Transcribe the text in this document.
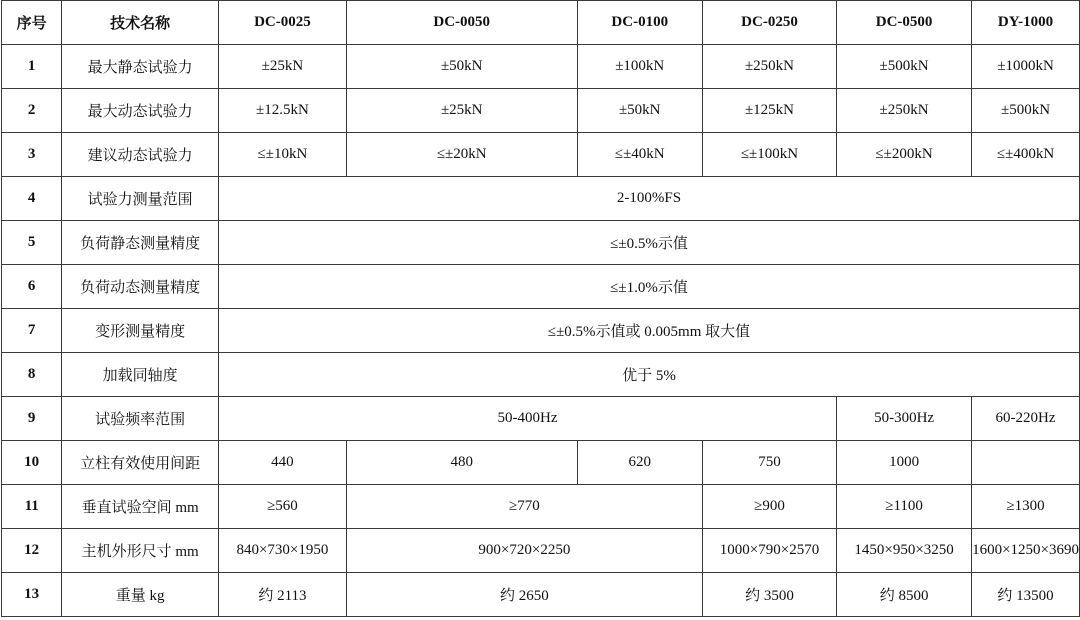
序号	技术名称	DC-0025	DC-0050	DC-0100	DC-0250	DC-0500	DY-1000
1	最大静态试验力	±25kN	±50kN	±100kN	±250kN	±500kN	±1000kN
2	最大动态试验力	±12.5kN	±25kN	±50kN	±125kN	±250kN	±500kN
3	建议动态试验力	≤±10kN	≤±20kN	≤±40kN	≤±100kN	≤±200kN	≤±400kN
4	试验力测量范围	2-100%FS					
5	负荷静态测量精度	≤±0.5%示值					
6	负荷动态测量精度	≤±1.0%示值					
7	变形测量精度	≤±0.5%示值或 0.005mm 取大值					
8	加载同轴度	优于 5%					
9	试验频率范围	50-400Hz				50-300Hz	60-220Hz
10	立柱有效使用间距	440	480	620	750	1000	
11	垂直试验空间 mm	≥560	≥770		≥900	≥1100	≥1300
12	主机外形尺寸 mm	840×730×1950	900×720×2250		1000×790×2570	1450×950×3250	1600×1250×3690
13	重量 kg	约 2113	约 2650		约 3500	约 8500	约 13500
